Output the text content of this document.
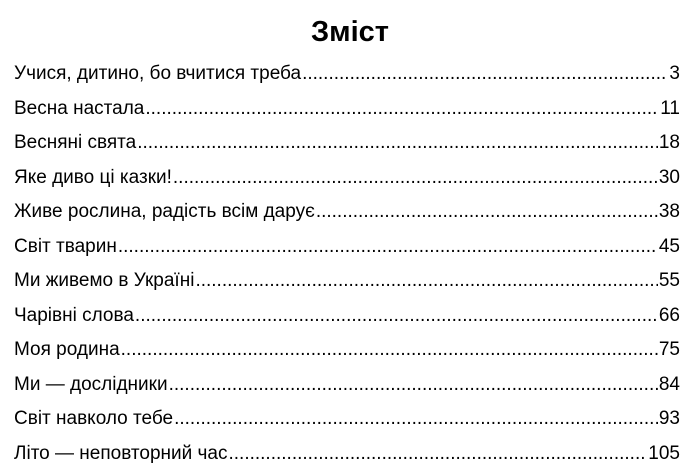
Зміст
Учися, дитино, бо вчитися треба .....	3
Весна настала .....	11
Весняні свята .....	18
Яке диво ці казки! .....	30
Живе рослина, радість всім дарує .....	38
Світ тварин .....	45
Ми живемо в Україні .....	55
Чарівні слова .....	66
Моя родина .....	75
Ми — дослідники .....	84
Світ навколо тебе .....	93
Літо — неповторний час .....	105
